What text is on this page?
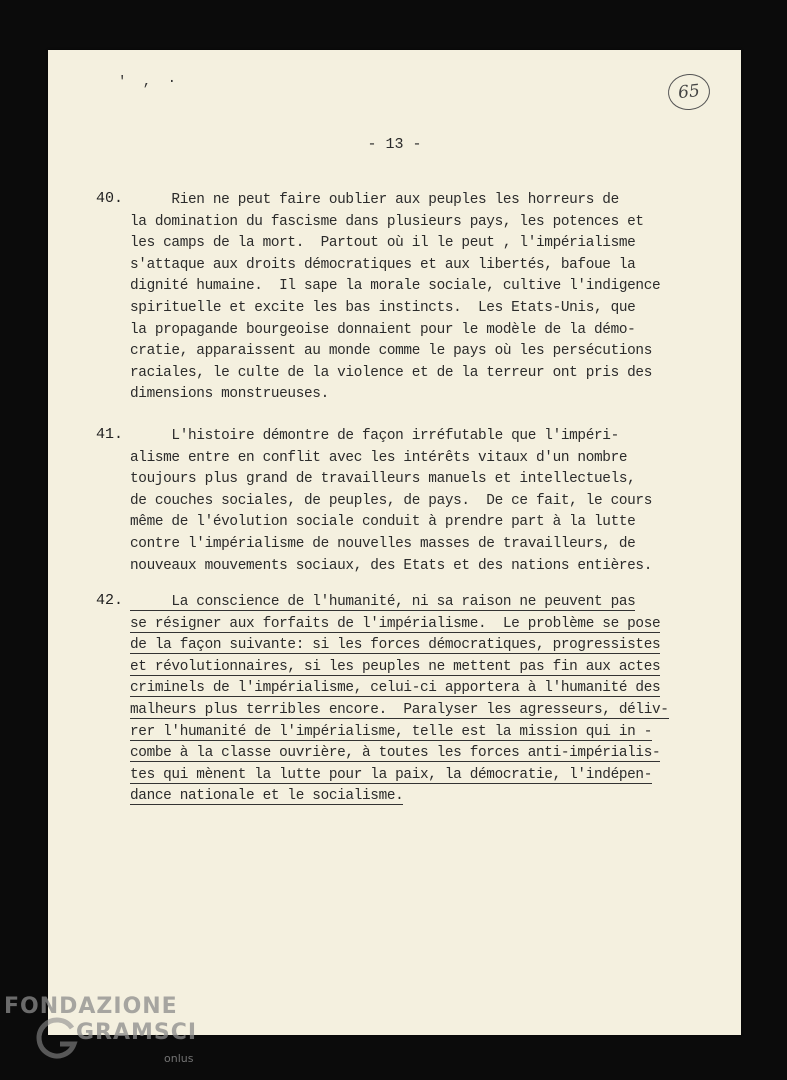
' , ·	65
- 13 -
40. Rien ne peut faire oublier aux peuples les horreurs de
la domination du fascisme dans plusieurs pays, les potences et
les camps de la mort.  Partout où il le peut , l'impérialisme
s'attaque aux droits démocratiques et aux libertés, bafoue la
dignité humaine.  Il sape la morale sociale, cultive l'indigence
spirituelle et excite les bas instincts.  Les Etats-Unis, que
la propagande bourgeoise donnaient pour le modèle de la démo-
cratie, apparaissent au monde comme le pays où les persécutions
raciales, le culte de la violence et de la terreur ont pris des
dimensions monstrueuses.
41. L'histoire démontre de façon irréfutable que l'impéri-
alisme entre en conflit avec les intérêts vitaux d'un nombre
toujours plus grand de travailleurs manuels et intellectuels,
de couches sociales, de peuples, de pays.  De ce fait, le cours
même de l'évolution sociale conduit à prendre part à la lutte
contre l'impérialisme de nouvelles masses de travailleurs, de
nouveaux mouvements sociaux, des Etats et des nations entières.
42. La conscience de l'humanité, ni sa raison ne peuvent pas
se résigner aux forfaits de l'impérialisme.  Le problème se pose
de la façon suivante: si les forces démocratiques, progressistes
et révolutionnaires, si les peuples ne mettent pas fin aux actes
criminels de l'impérialisme, celui-ci apportera à l'humanité des
malheurs plus terribles encore.  Paralyser les agresseurs, déliv-
rer l'humanité de l'impérialisme, telle est la mission qui in -
combe à la classe ouvrière, à toutes les forces anti-impérialis-
tes qui mènent la lutte pour la paix, la démocratie, l'indépen-
dance nationale et le socialisme.
FONDAZIONE
GRAMSCI
onlus
